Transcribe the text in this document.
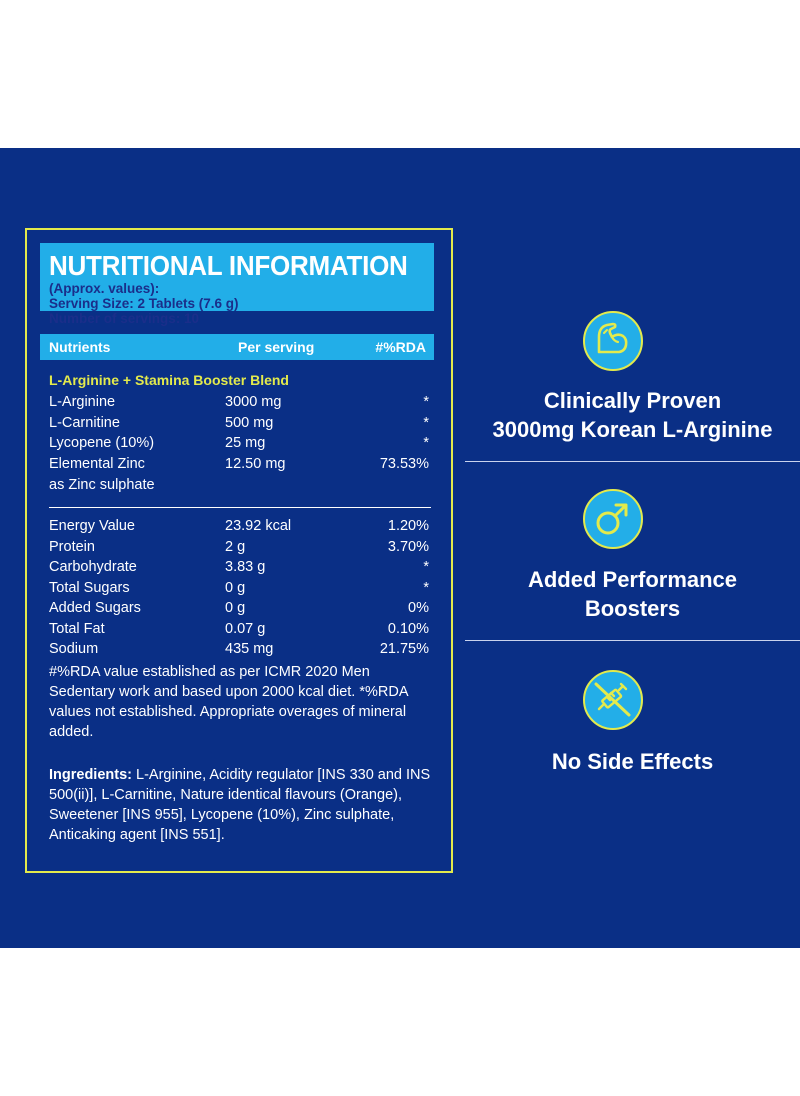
NUTRITIONAL INFORMATION
(Approx. values):
Serving Size: 2 Tablets (7.6 g)
Number of servings: 10
Nutrients	Per serving	#%RDA
L-Arginine + Stamina Booster Blend
L-Arginine	3000 mg	*
L-Carnitine	500 mg	*
Lycopene (10%)	25 mg	*
Elemental Zinc	12.50 mg	73.53%
as Zinc sulphate
Energy Value	23.92 kcal	1.20%
Protein	2 g	3.70%
Carbohydrate	3.83 g	*
Total Sugars	0 g	*
Added Sugars	0 g	0%
Total Fat	0.07 g	0.10%
Sodium	435 mg	21.75%
#%RDA value established as per ICMR 2020 Men Sedentary work and based upon 2000 kcal diet. *%RDA values not established. Appropriate overages of mineral added.
Ingredients: L-Arginine, Acidity regulator [INS 330 and INS 500(ii)], L-Carnitine, Nature identical flavours (Orange), Sweetener [INS 955], Lycopene (10%), Zinc sulphate, Anticaking agent [INS 551].
Clinically Proven
3000mg Korean L-Arginine
Added Performance
Boosters
No Side Effects
